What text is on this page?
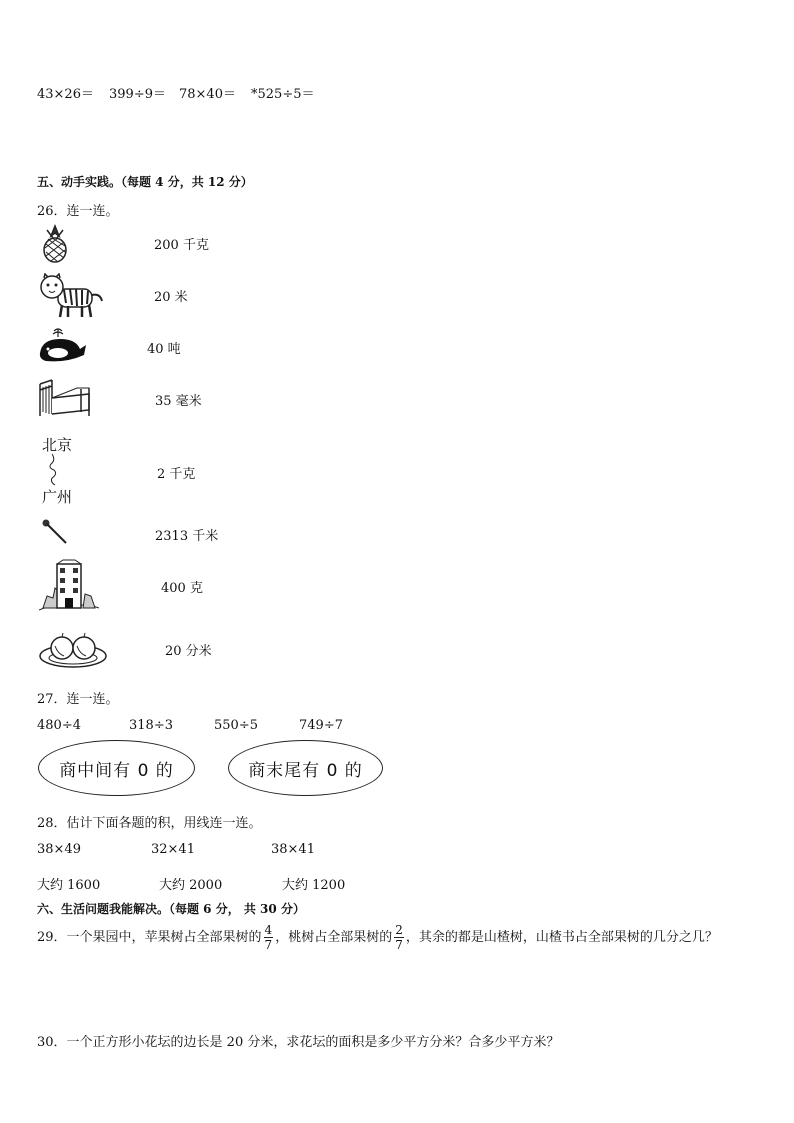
43×26＝ 399÷9＝ 78×40＝ *525÷5＝
五、动手实践。（每题 4 分，共 12 分）
26．连一连。
200 千克
20 米
40 吨
35 毫米
北京
广州
2 千克
2313 千米
400 克
20 分米
27．连一连。
480÷4	318÷3	550÷5	749÷7
商中间有 0 的	商末尾有 0 的
28．估计下面各题的积，用线连一连。
38×49	32×41	38×41
大约 1600	大约 2000	大约 1200
六、生活问题我能解决。（每题 6 分， 共 30 分）
29．一个果园中，苹果树占全部果树的 $\frac{4}{7}$ ，桃树占全部果树的 $\frac{2}{7}$ ，其余的都是山楂树，山楂书占全部果树的几分之几？
30．一个正方形小花坛的边长是 20 分米，求花坛的面积是多少平方分米？合多少平方米？
